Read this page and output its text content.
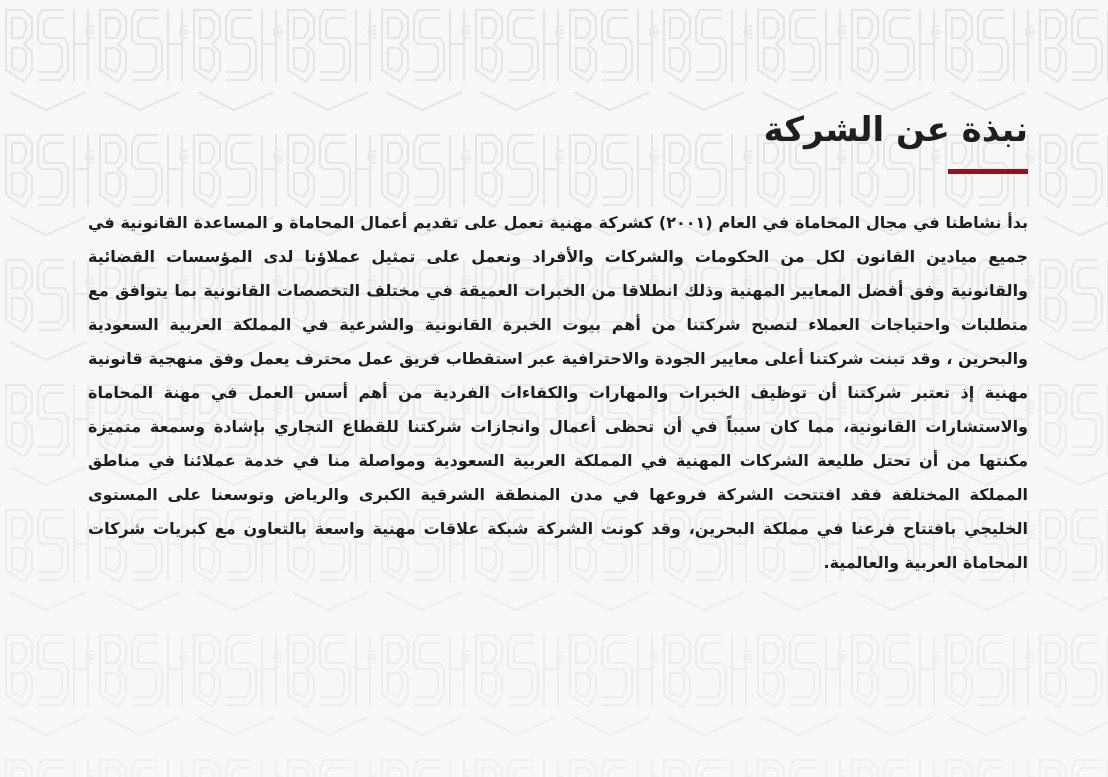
نبذة عن الشركة

بدأ نشاطنا في مجال المحاماة في العام (٢٠٠١) كشركة مهنية تعمل على تقديم أعمال المحاماة و المساعدة القانونية في جميع ميادين القانون لكل من الحكومات والشركات والأفراد ونعمل على تمثيل عملاؤنا لدى المؤسسات القضائية والقانونية وفق أفضل المعايير المهنية وذلك انطلاقا من الخبرات العميقة في مختلف التخصصات القانونية بما يتوافق مع متطلبات واحتياجات العملاء لتصبح شركتنا من أهم بيوت الخبرة القانونية والشرعية في المملكة العربية السعودية والبحرين ، وقد تبنت شركتنا أعلى معايير الجودة والاحترافية عبر استقطاب فريق عمل محترف يعمل وفق منهجية قانونية مهنية إذ تعتبر شركتنا أن توظيف الخبرات والمهارات والكفاءات الفردية من أهم أسس العمل في مهنة المحاماة والاستشارات القانونية، مما كان سبباً في أن تحظى أعمال وانجازات شركتنا للقطاع التجاري بإشادة وسمعة متميزة مكنتها من أن تحتل طليعة الشركات المهنية في المملكة العربية السعودية ومواصلة منا في خدمة عملائنا في مناطق المملكة المختلفة فقد افتتحت الشركة فروعها في مدن المنطقة الشرقية الكبرى والرياض وتوسعنا على المستوى الخليجي بافتتاح فرعنا في مملكة البحرين، وقد كونت الشركة شبكة علاقات مهنية واسعة بالتعاون مع كبريات شركات المحاماة العربية والعالمية.
